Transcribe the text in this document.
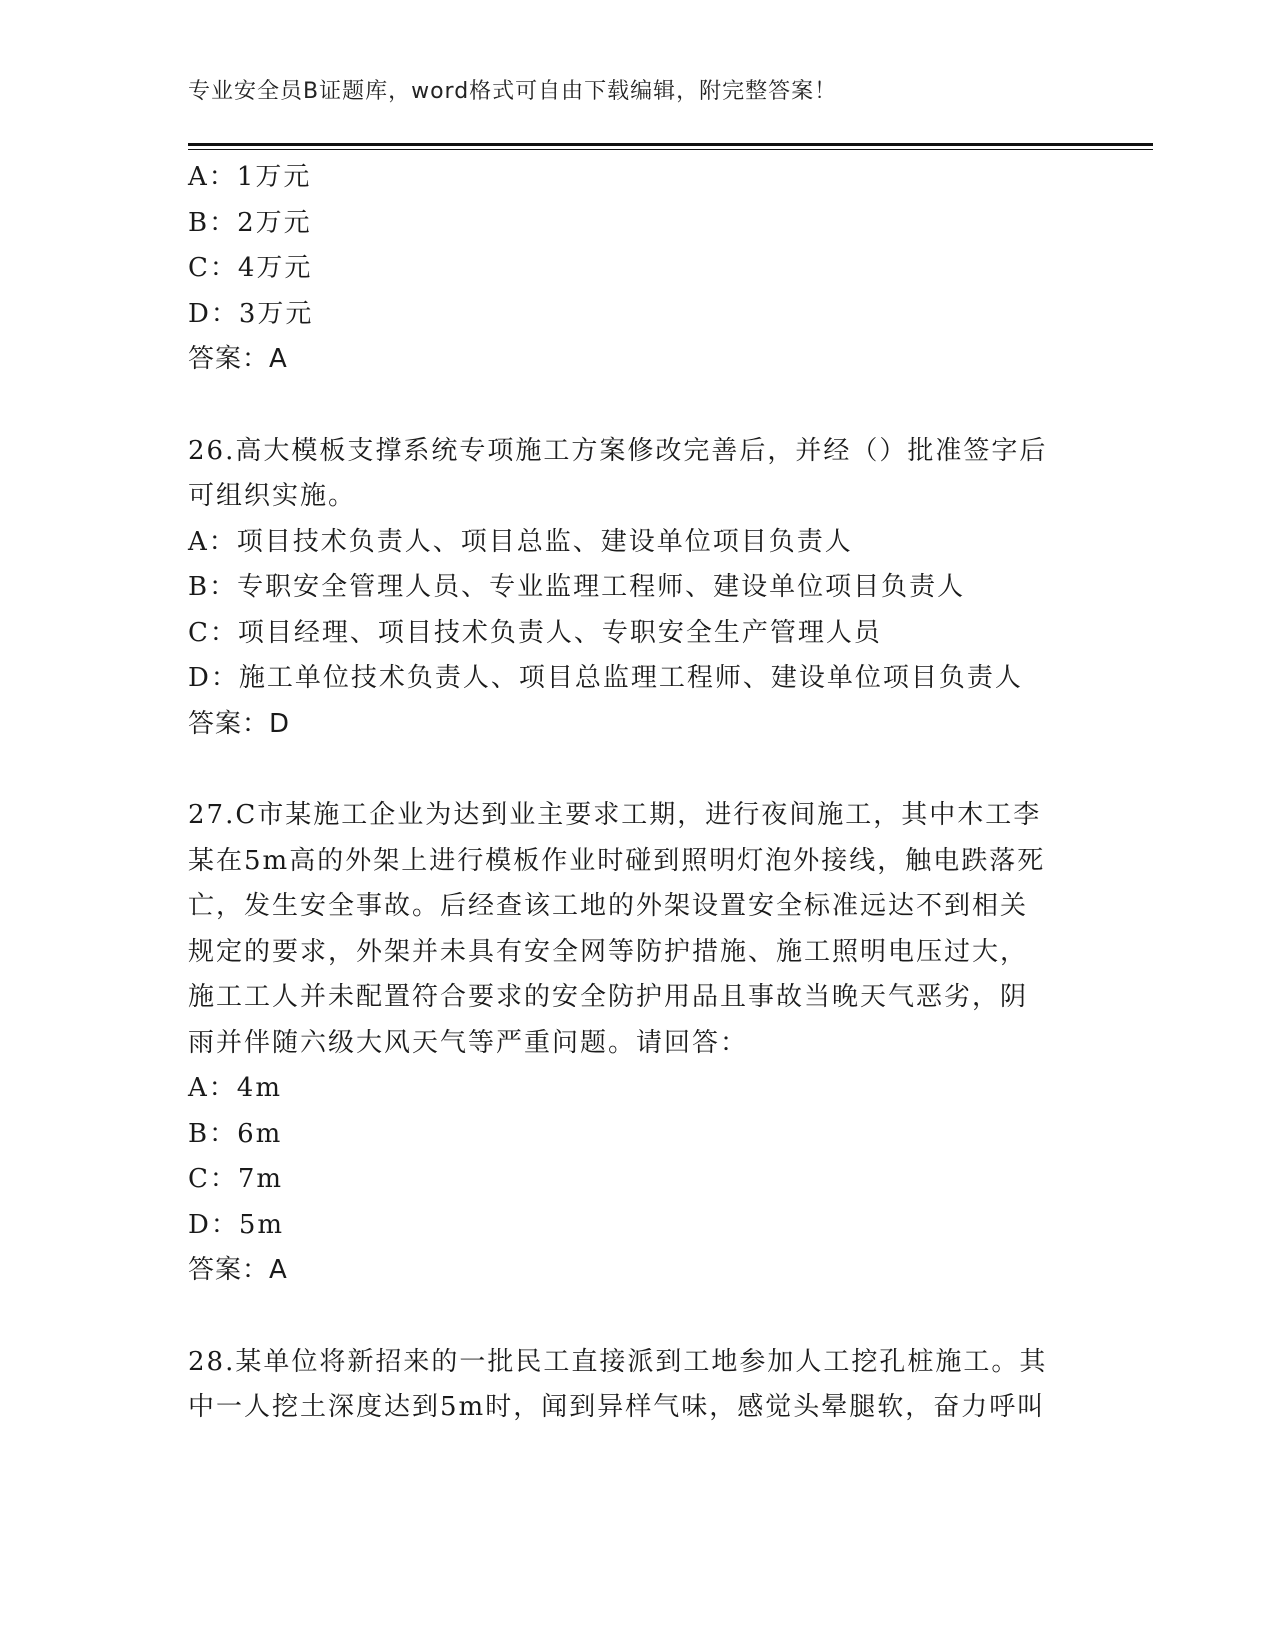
专业安全员B证题库，word格式可自由下载编辑，附完整答案！
A：1万元
B：2万元
C：4万元
D：3万元
答案：A
26.高大模板支撑系统专项施工方案修改完善后，并经（）批准签字后
可组织实施。
A：项目技术负责人、项目总监、建设单位项目负责人
B：专职安全管理人员、专业监理工程师、建设单位项目负责人
C：项目经理、项目技术负责人、专职安全生产管理人员
D：施工单位技术负责人、项目总监理工程师、建设单位项目负责人
答案：D
27.C市某施工企业为达到业主要求工期，进行夜间施工，其中木工李
某在5m高的外架上进行模板作业时碰到照明灯泡外接线，触电跌落死
亡，发生安全事故。后经查该工地的外架设置安全标准远达不到相关
规定的要求，外架并未具有安全网等防护措施、施工照明电压过大，
施工工人并未配置符合要求的安全防护用品且事故当晚天气恶劣，阴
雨并伴随六级大风天气等严重问题。请回答：
A：4m
B：6m
C：7m
D：5m
答案：A
28.某单位将新招来的一批民工直接派到工地参加人工挖孔桩施工。其
中一人挖土深度达到5m时，闻到异样气味，感觉头晕腿软，奋力呼叫
